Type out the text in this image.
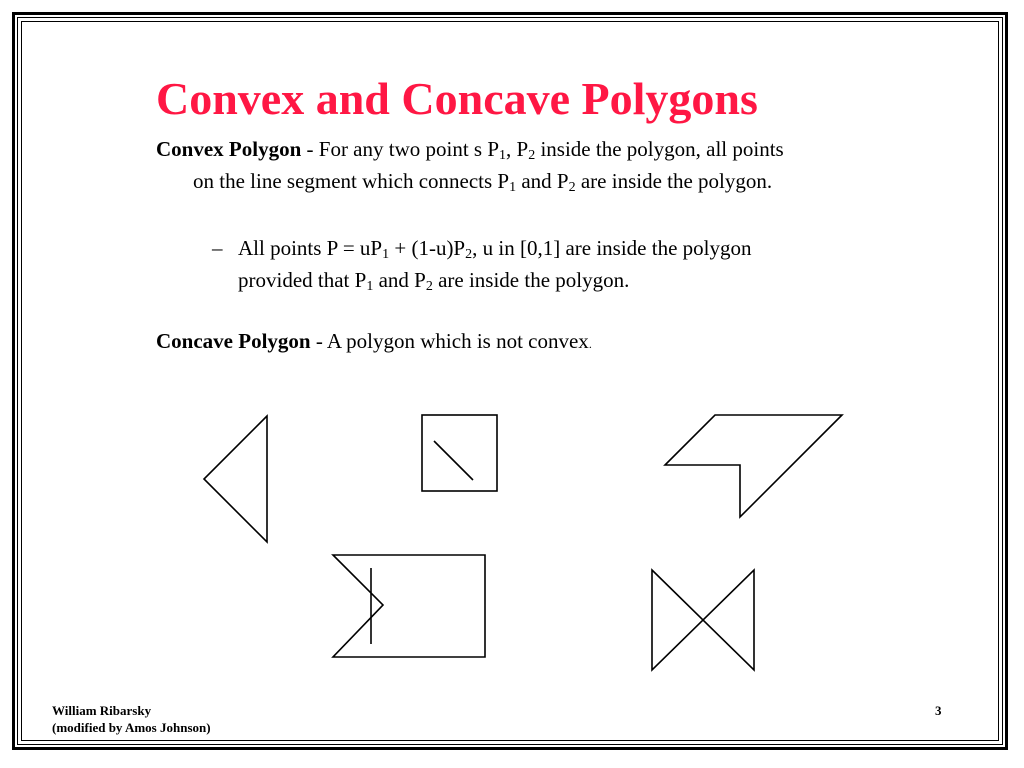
Convex and Concave Polygons
Convex Polygon - For any two point s $P_1$, $P_2$ inside the polygon, all points
on the line segment which connects $P_1$ and $P_2$ are inside the polygon.
– All points $P = uP_1 + (1-u)P_2$, u in [0,1] are inside the polygon
provided that $P_1$ and $P_2$ are inside the polygon.
Concave Polygon - A polygon which is not convex.
William Ribarsky
(modified by Amos Johnson)
3
